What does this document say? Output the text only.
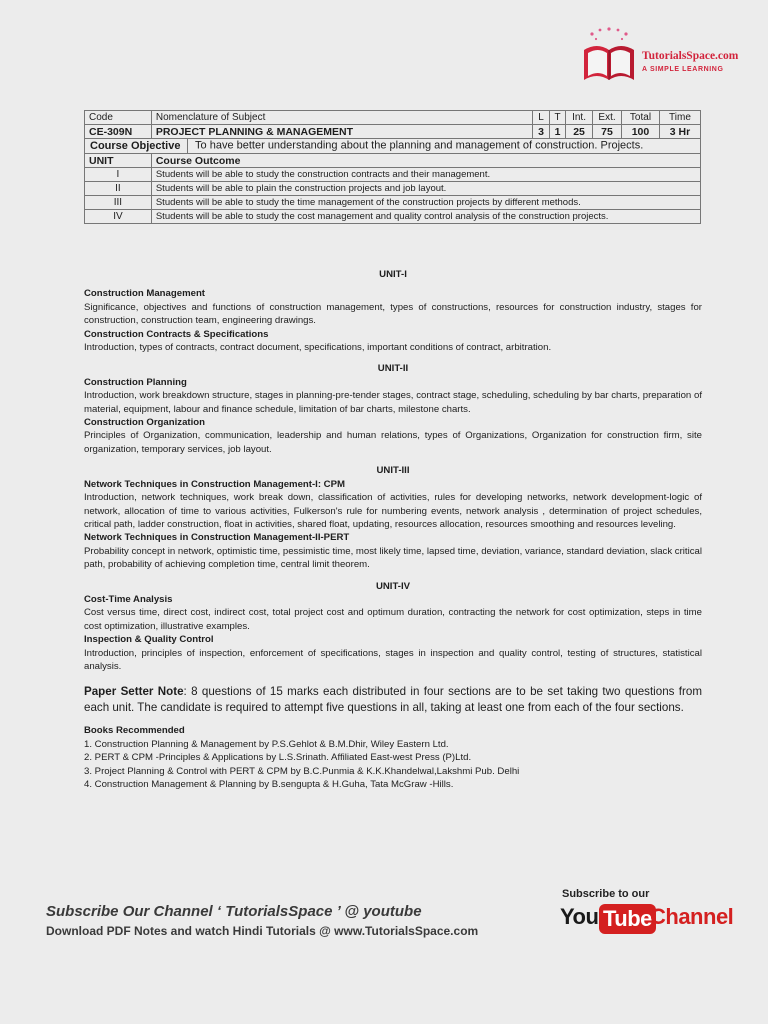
TutorialsSpace.com
A SIMPLE LEARNING
Code	Nomenclature of Subject	L	T	Int.	Ext.	Total	Time
CE-309N	PROJECT PLANNING & MANAGEMENT	3	1	25	75	100	3 Hr
Course Objective To have better understanding about the planning and management of construction. Projects.							
UNIT	Course Outcome						
I	Students will be able to study the construction contracts and their management.						
II	Students will be able to plain the construction projects and job layout.						
III	Students will be able to study the time management of the construction projects by different methods.						
IV	Students will be able to study the cost management and quality control analysis of the construction projects.						
UNIT-I
Construction Management
Significance, objectives and functions of construction management, types of constructions, resources for construction industry, stages for construction, construction team, engineering drawings.
Construction Contracts & Specifications
Introduction, types of contracts, contract document, specifications, important conditions of contract, arbitration.
UNIT-II
Construction Planning
Introduction, work breakdown structure, stages in planning-pre-tender stages, contract stage, scheduling, scheduling by bar charts, preparation of material, equipment, labour and finance schedule, limitation of bar charts, milestone charts.
Construction Organization
Principles of Organization, communication, leadership and human relations, types of Organizations, Organization for construction firm, site organization, temporary services, job layout.
UNIT-III
Network Techniques in Construction Management-I: CPM
Introduction, network techniques, work break down, classification of activities, rules for developing networks, network development-logic of network, allocation of time to various activities, Fulkerson's rule for numbering events, network analysis , determination of project schedules, critical path, ladder construction, float in activities, shared float, updating, resources allocation, resources smoothing and resources leveling.
Network Techniques in Construction Management-II-PERT
Probability concept in network, optimistic time, pessimistic time, most likely time, lapsed time, deviation, variance, standard deviation, slack critical path, probability of achieving completion time, central limit theorem.
UNIT-IV
Cost-Time Analysis
Cost versus time, direct cost, indirect cost, total project cost and optimum duration, contracting the network for cost optimization, steps in time cost optimization, illustrative examples.
Inspection & Quality Control
Introduction, principles of inspection, enforcement of specifications, stages in inspection and quality control, testing of structures, statistical analysis.
Paper Setter Note: 8 questions of 15 marks each distributed in four sections are to be set taking two questions from each unit. The candidate is required to attempt five questions in all, taking at least one from each of the four sections.
Books Recommended
1. Construction Planning & Management by P.S.Gehlot & B.M.Dhir, Wiley Eastern Ltd.
2. PERT & CPM -Principles & Applications by L.S.Srinath. Affiliated East-west Press (P)Ltd.
3. Project Planning & Control with PERT & CPM by B.C.Punmia & K.K.Khandelwal,Lakshmi Pub. Delhi
4. Construction Management & Planning by B.sengupta & H.Guha, Tata McGraw -Hills.
Subscribe Our Channel ‘ TutorialsSpace ’ @ youtube
Download PDF Notes and watch Hindi Tutorials @ www.TutorialsSpace.com
Subscribe to our
You Tube
Channel
